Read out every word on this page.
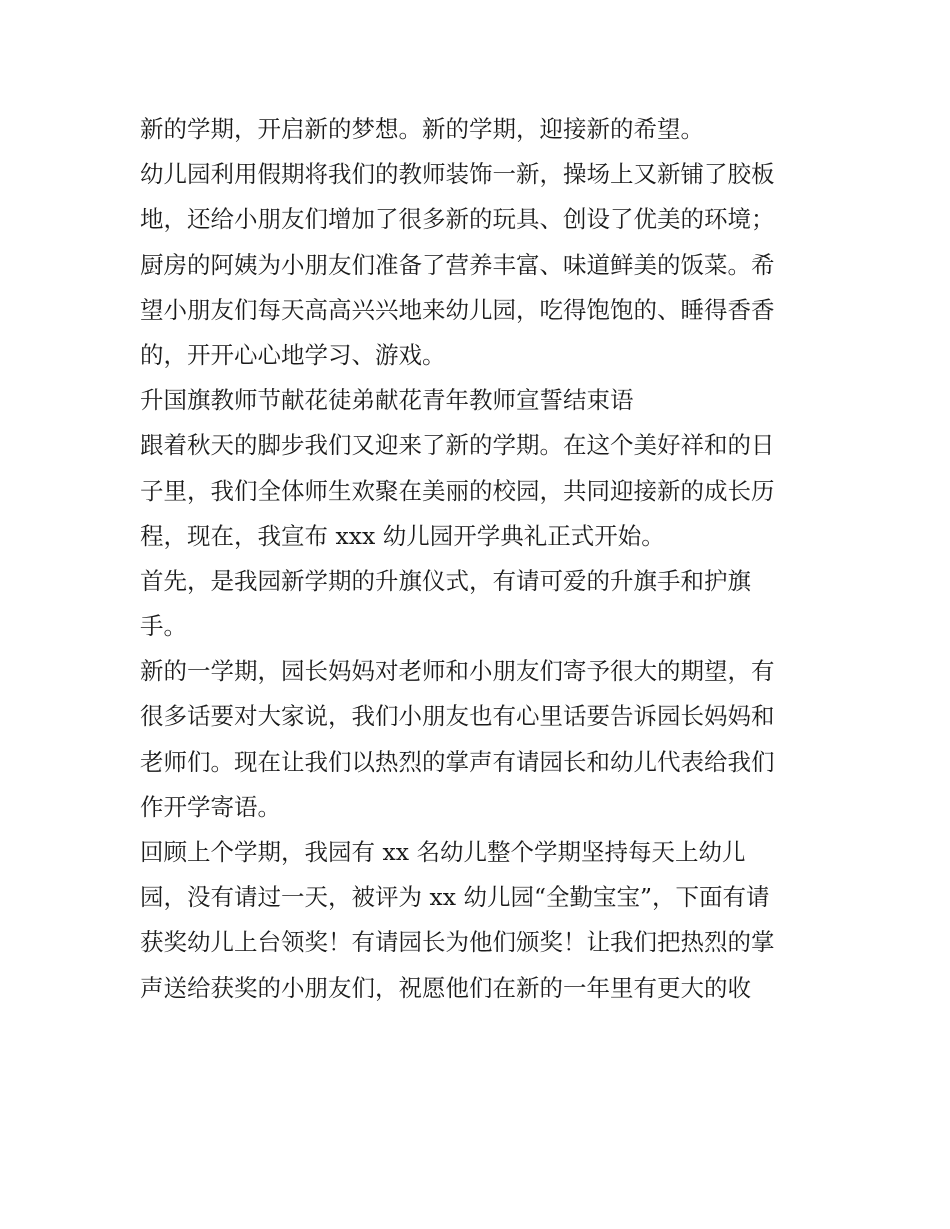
新的学期，开启新的梦想。新的学期，迎接新的希望。
幼儿园利用假期将我们的教师装饰一新，操场上又新铺了胶板
地，还给小朋友们增加了很多新的玩具、创设了优美的环境；
厨房的阿姨为小朋友们准备了营养丰富、味道鲜美的饭菜。希
望小朋友们每天高高兴兴地来幼儿园，吃得饱饱的、睡得香香
的，开开心心地学习、游戏。
升国旗教师节献花徒弟献花青年教师宣誓结束语
跟着秋天的脚步我们又迎来了新的学期。在这个美好祥和的日
子里，我们全体师生欢聚在美丽的校园，共同迎接新的成长历
程，现在，我宣布 xxx 幼儿园开学典礼正式开始。
首先，是我园新学期的升旗仪式，有请可爱的升旗手和护旗
手。
新的一学期，园长妈妈对老师和小朋友们寄予很大的期望，有
很多话要对大家说，我们小朋友也有心里话要告诉园长妈妈和
老师们。现在让我们以热烈的掌声有请园长和幼儿代表给我们
作开学寄语。
回顾上个学期，我园有 xx 名幼儿整个学期坚持每天上幼儿
园，没有请过一天，被评为 xx 幼儿园“全勤宝宝”，下面有请
获奖幼儿上台领奖！有请园长为他们颁奖！让我们把热烈的掌
声送给获奖的小朋友们，祝愿他们在新的一年里有更大的收
